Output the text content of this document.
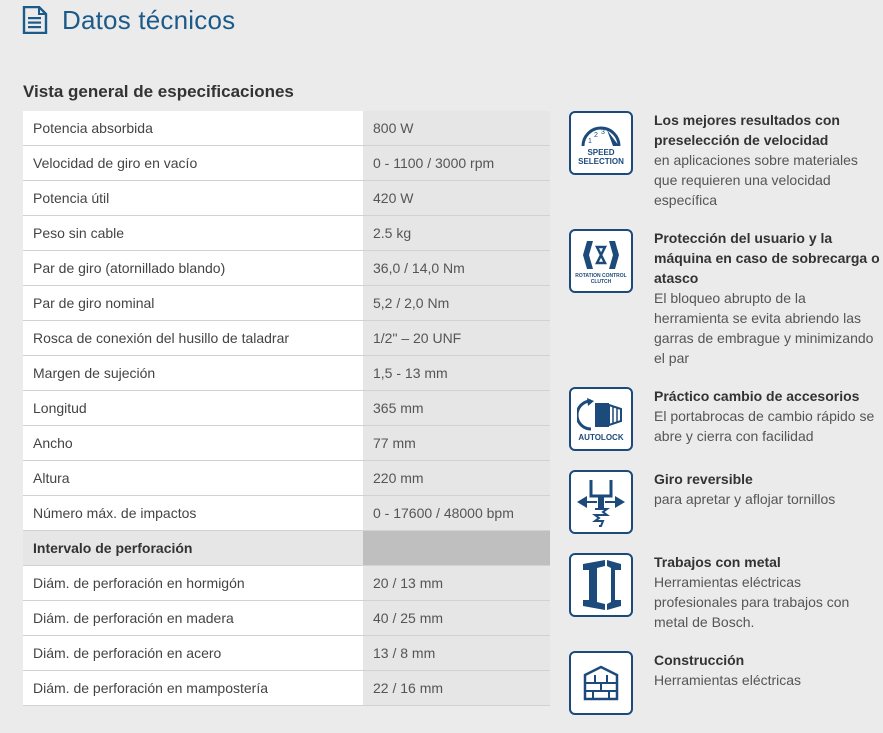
Datos técnicos
Vista general de especificaciones
Potencia absorbida	800 W
Velocidad de giro en vacío	0 - 1100 / 3000 rpm
Potencia útil	420 W
Peso sin cable	2.5 kg
Par de giro (atornillado blando)	36,0 / 14,0 Nm
Par de giro nominal	5,2 / 2,0 Nm
Rosca de conexión del husillo de taladrar	1/2" – 20 UNF
Margen de sujeción	1,5 - 13 mm
Longitud	365 mm
Ancho	77 mm
Altura	220 mm
Número máx. de impactos	0 - 17600 / 48000 bpm
Intervalo de perforación	
Diám. de perforación en hormigón	20 / 13 mm
Diám. de perforación en madera	40 / 25 mm
Diám. de perforación en acero	13 / 8 mm
Diám. de perforación en mampostería	22 / 16 mm
1
2 3
SPEED SELECTION
Los mejores resultados con preselección de velocidad
en aplicaciones sobre materiales que requieren una velocidad específica
ROTATION CONTROL CLUTCH
Protección del usuario y la máquina en caso de sobrecarga o atasco
El bloqueo abrupto de la herramienta se evita abriendo las garras de embrague y minimizando el par
AUTOLOCK
Práctico cambio de accesorios
El portabrocas de cambio rápido se abre y cierra con facilidad
Giro reversible
para apretar y aflojar tornillos
Trabajos con metal
Herramientas eléctricas profesionales para trabajos con metal de Bosch.
Construcción
Herramientas eléctricas
